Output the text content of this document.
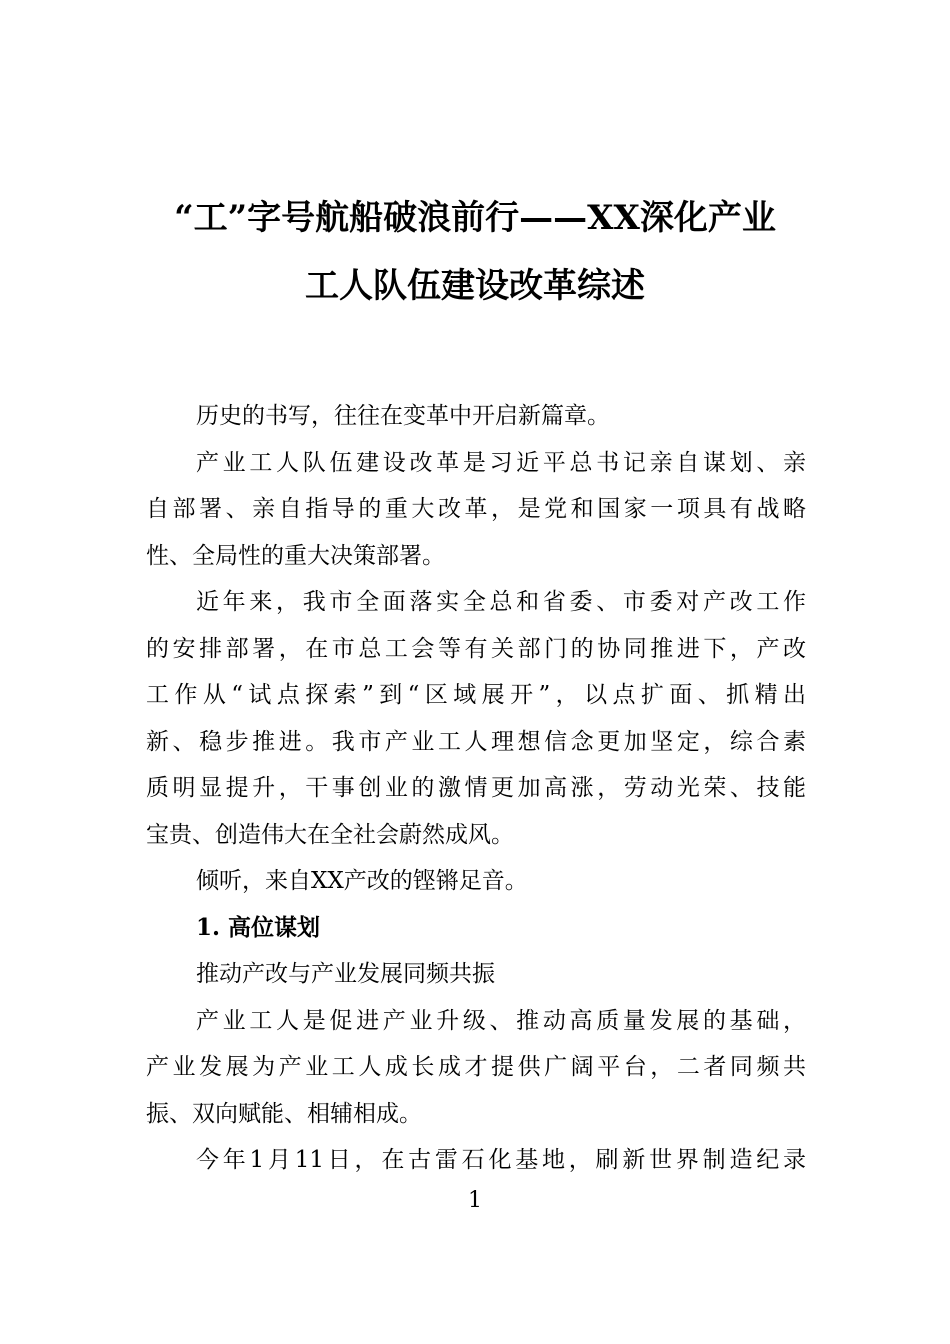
“工”字号航船破浪前行——XX深化产业
工人队伍建设改革综述
历史的书写，往往在变革中开启新篇章。
产业工人队伍建设改革是习近平总书记亲自谋划、亲
自部署、亲自指导的重大改革，是党和国家一项具有战略
性、全局性的重大决策部署。
近年来，我市全面落实全总和省委、市委对产改工作
的安排部署，在市总工会等有关部门的协同推进下，产改
工作从“试点探索”到“区域展开”，以点扩面、抓精出
新、稳步推进。我市产业工人理想信念更加坚定，综合素
质明显提升，干事创业的激情更加高涨，劳动光荣、技能
宝贵、创造伟大在全社会蔚然成风。
倾听，来自XX产改的铿锵足音。
1. 高位谋划
推动产改与产业发展同频共振
产业工人是促进产业升级、推动高质量发展的基础，
产业发展为产业工人成长成才提供广阔平台，二者同频共
振、双向赋能、相辅相成。
今年1月11日，在古雷石化基地，刷新世界制造纪录
1
